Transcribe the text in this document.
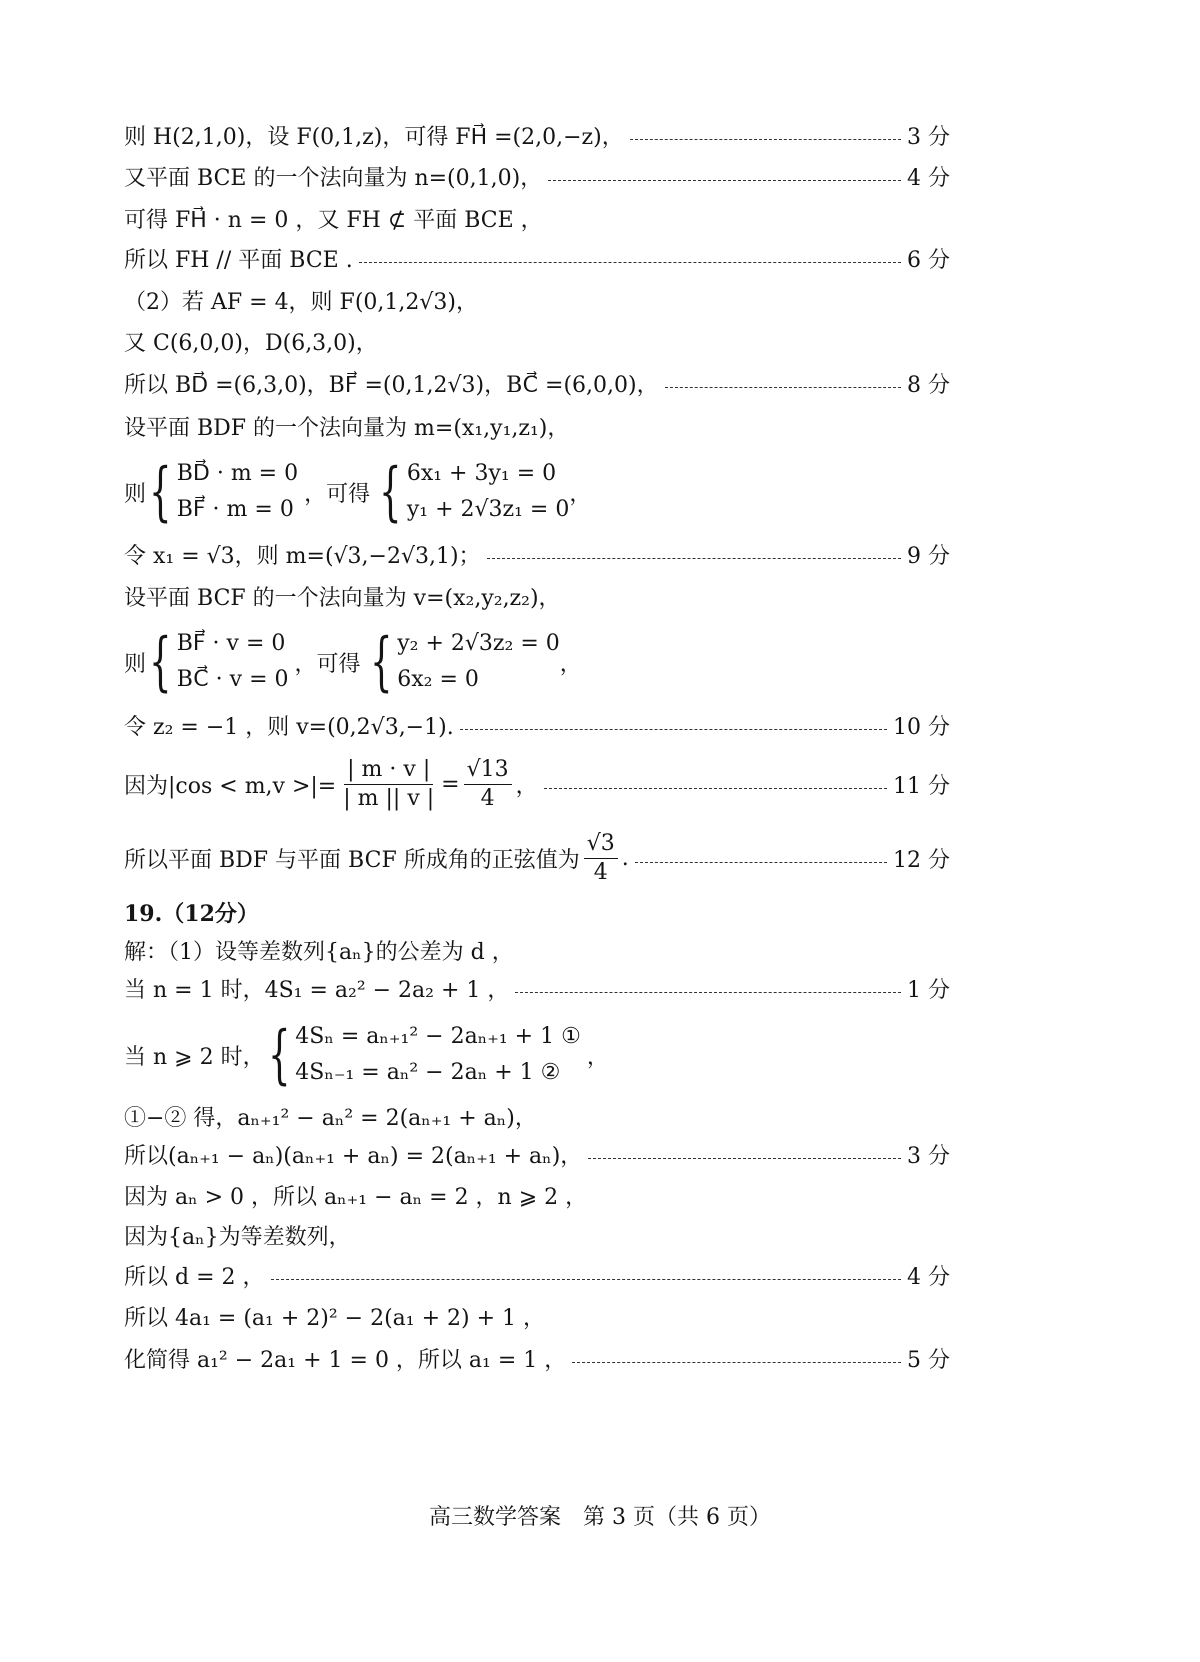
则 H(2,1,0)，设 F(0,1,z)，可得 FH⃗ =(2,0,−z)，	3 分
又平面 BCE 的一个法向量为 n=(0,1,0)，	4 分
可得 FH⃗ · n = 0 ，又 FH ⊄ 平面 BCE ，
所以 FH // 平面 BCE .	6 分
（2）若 AF = 4，则 F(0,1,2√3)，
又 C(6,0,0)，D(6,3,0)，
所以 BD⃗ =(6,3,0)，BF⃗ =(0,1,2√3)，BC⃗ =(6,0,0)，	8 分
设平面 BDF 的一个法向量为 m=(x₁,y₁,z₁)，
则 { BD⃗ · m = 0
BF⃗ · m = 0
，可得 { 6x₁ + 3y₁ = 0
y₁ + 2√3z₁ = 0
，
令 x₁ = √3，则 m=(√3,−2√3,1)；	9 分
设平面 BCF 的一个法向量为 v=(x₂,y₂,z₂)，
则 { BF⃗ · v = 0
BC⃗ · v = 0
，可得 { y₂ + 2√3z₂ = 0
6x₂ = 0
，
令 z₂ = −1 ，则 v=(0,2√3,−1).	10 分
因为|cos < m,v >|= $\frac{| m \cdot v |}{| m || v |} = \frac{√13}{4}$ ，	11 分
所以平面 BDF 与平面 BCF 所成角的正弦值为 $\frac{√3}{4}$ .	12 分
19.（12分）
解：（1）设等差数列{aₙ}的公差为 d ，
当 n = 1 时，4S₁ = a₂² − 2a₂ + 1 ，	1 分
当 n ⩾ 2 时， { 4Sₙ = aₙ₊₁² − 2aₙ₊₁ + 1 ①
4Sₙ₋₁ = aₙ² − 2aₙ + 1 ②
，
①−② 得，aₙ₊₁² − aₙ² = 2(aₙ₊₁ + aₙ)，
所以(aₙ₊₁ − aₙ)(aₙ₊₁ + aₙ) = 2(aₙ₊₁ + aₙ)，	3 分
因为 aₙ > 0 ，所以 aₙ₊₁ − aₙ = 2 ，n ⩾ 2 ，
因为{aₙ}为等差数列，
所以 d = 2 ，	4 分
所以 4a₁ = (a₁ + 2)² − 2(a₁ + 2) + 1 ，
化简得 a₁² − 2a₁ + 1 = 0 ，所以 a₁ = 1 ，	5 分
高三数学答案　第 3 页（共 6 页）
